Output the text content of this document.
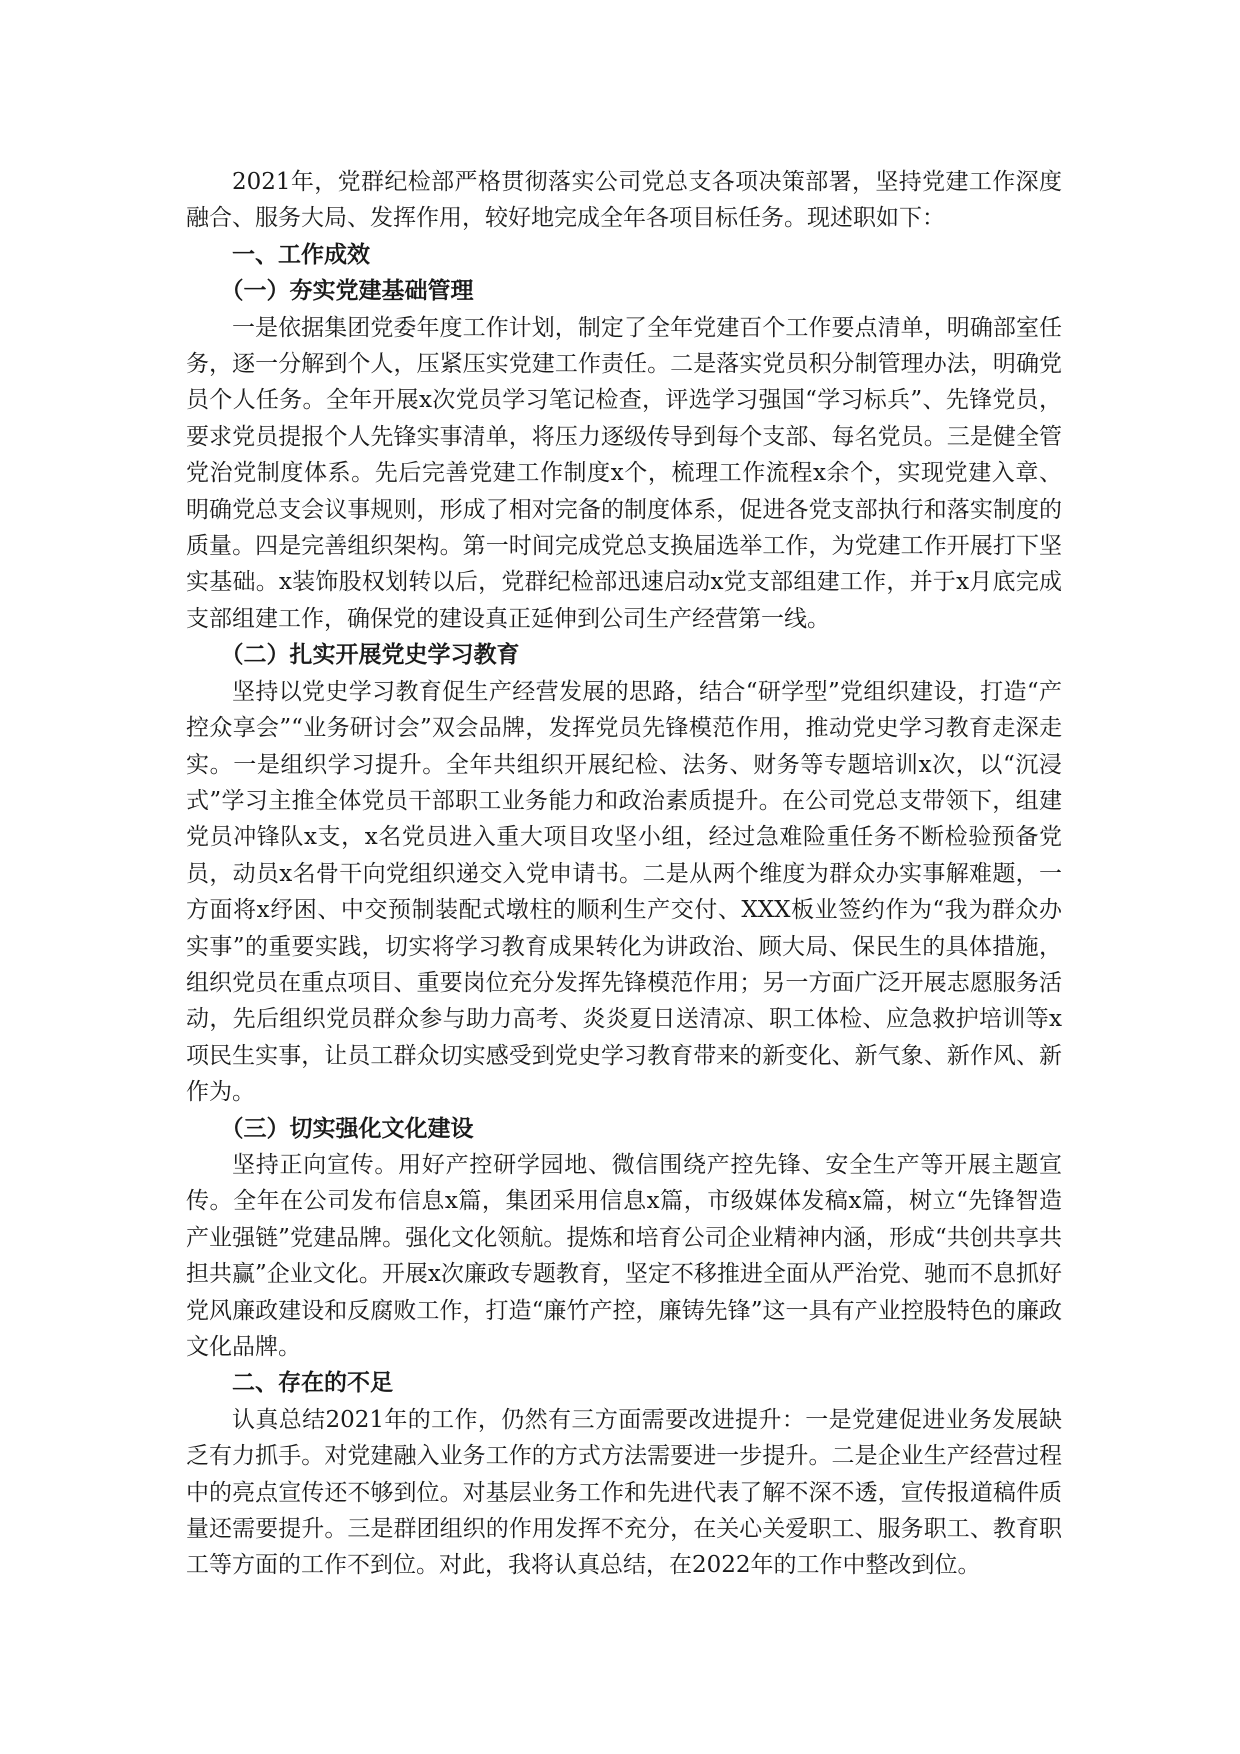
2021年，党群纪检部严格贯彻落实公司党总支各项决策部署，坚持党建工作深度融合、服务大局、发挥作用，较好地完成全年各项目标任务。现述职如下：

一、工作成效

（一）夯实党建基础管理

一是依据集团党委年度工作计划，制定了全年党建百个工作要点清单，明确部室任务，逐一分解到个人，压紧压实党建工作责任。二是落实党员积分制管理办法，明确党员个人任务。全年开展x次党员学习笔记检查，评选学习强国“学习标兵”、先锋党员，要求党员提报个人先锋实事清单，将压力逐级传导到每个支部、每名党员。三是健全管党治党制度体系。先后完善党建工作制度x个，梳理工作流程x余个，实现党建入章、明确党总支会议事规则，形成了相对完备的制度体系，促进各党支部执行和落实制度的质量。四是完善组织架构。第一时间完成党总支换届选举工作，为党建工作开展打下坚实基础。x装饰股权划转以后，党群纪检部迅速启动x党支部组建工作，并于x月底完成支部组建工作，确保党的建设真正延伸到公司生产经营第一线。

（二）扎实开展党史学习教育

坚持以党史学习教育促生产经营发展的思路，结合“研学型”党组织建设，打造“产控众享会”“业务研讨会”双会品牌，发挥党员先锋模范作用，推动党史学习教育走深走实。一是组织学习提升。全年共组织开展纪检、法务、财务等专题培训x次，以“沉浸式”学习主推全体党员干部职工业务能力和政治素质提升。在公司党总支带领下，组建党员冲锋队x支，x名党员进入重大项目攻坚小组，经过急难险重任务不断检验预备党员，动员x名骨干向党组织递交入党申请书。二是从两个维度为群众办实事解难题，一方面将x纾困、中交预制装配式墩柱的顺利生产交付、XXX板业签约作为“我为群众办实事”的重要实践，切实将学习教育成果转化为讲政治、顾大局、保民生的具体措施，组织党员在重点项目、重要岗位充分发挥先锋模范作用；另一方面广泛开展志愿服务活动，先后组织党员群众参与助力高考、炎炎夏日送清凉、职工体检、应急救护培训等x项民生实事，让员工群众切实感受到党史学习教育带来的新变化、新气象、新作风、新作为。

（三）切实强化文化建设

坚持正向宣传。用好产控研学园地、微信围绕产控先锋、安全生产等开展主题宣传。全年在公司发布信息x篇，集团采用信息x篇，市级媒体发稿x篇，树立“先锋智造产业强链”党建品牌。强化文化领航。提炼和培育公司企业精神内涵，形成“共创共享共担共赢”企业文化。开展x次廉政专题教育，坚定不移推进全面从严治党、驰而不息抓好党风廉政建设和反腐败工作，打造“廉竹产控，廉铸先锋”这一具有产业控股特色的廉政文化品牌。

二、存在的不足

认真总结2021年的工作，仍然有三方面需要改进提升：一是党建促进业务发展缺乏有力抓手。对党建融入业务工作的方式方法需要进一步提升。二是企业生产经营过程中的亮点宣传还不够到位。对基层业务工作和先进代表了解不深不透，宣传报道稿件质量还需要提升。三是群团组织的作用发挥不充分，在关心关爱职工、服务职工、教育职工等方面的工作不到位。对此，我将认真总结，在2022年的工作中整改到位。
